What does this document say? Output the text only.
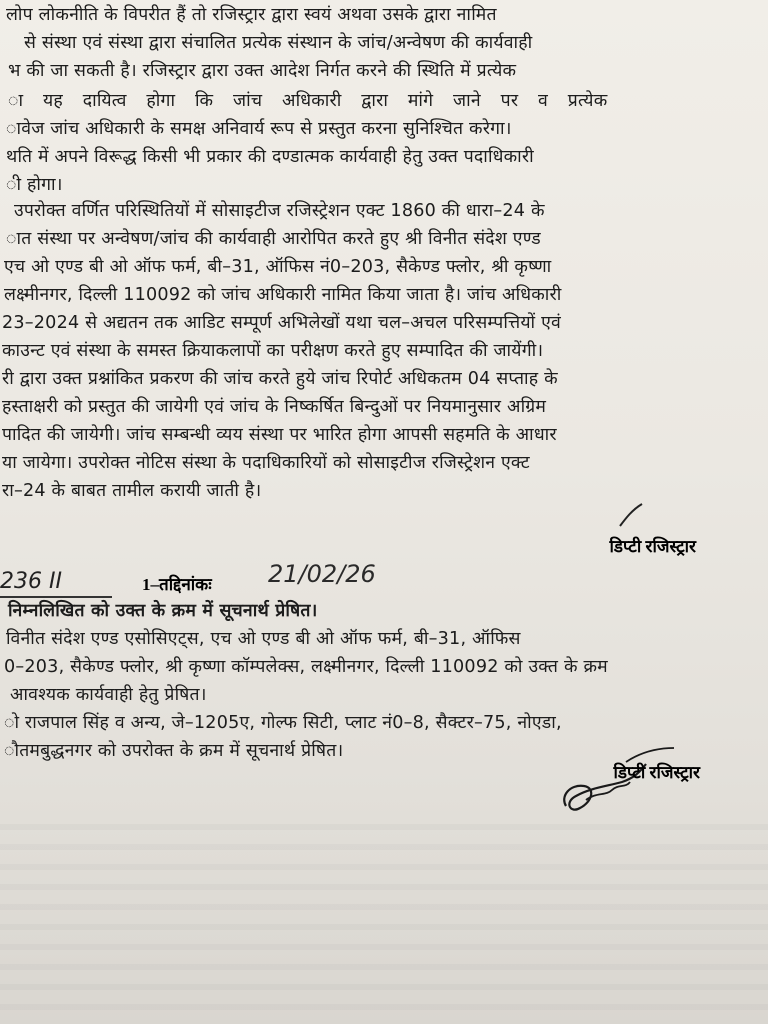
लोप लोकनीति के विपरीत हैं तो रजिस्ट्रार द्वारा स्वयं अथवा उसके द्वारा नामित
से संस्था एवं संस्था द्वारा संचालित प्रत्येक संस्थान के जांच/अन्वेषण की कार्यवाही
भ की जा सकती है। रजिस्ट्रार द्वारा उक्त आदेश निर्गत करने की स्थिति में प्रत्येक
ा यह दायित्व होगा कि जांच अधिकारी द्वारा मांगे जाने पर व प्रत्येक
ावेज जांच अधिकारी के समक्ष अनिवार्य रूप से प्रस्तुत करना सुनिश्चित करेगा।
थति में अपने विरूद्ध किसी भी प्रकार की दण्डात्मक कार्यवाही हेतु उक्त पदाधिकारी
ी होगा।
उपरोक्त वर्णित परिस्थितियों में सोसाइटीज रजिस्ट्रेशन एक्ट 1860 की धारा–24 के
ात संस्था पर अन्वेषण/जांच की कार्यवाही आरोपित करते हुए श्री विनीत संदेश एण्ड
एच ओ एण्ड बी ओ ऑफ फर्म, बी–31, ऑफिस नं0–203, सैकेण्ड फ्लोर, श्री कृष्णा
लक्ष्मीनगर, दिल्ली 110092 को जांच अधिकारी नामित किया जाता है। जांच अधिकारी
23–2024 से अद्यतन तक आडिट सम्पूर्ण अभिलेखों यथा चल–अचल परिसम्पत्तियों एवं
काउन्ट एवं संस्था के समस्त क्रियाकलापों का परीक्षण करते हुए सम्पादित की जायेंगी।
री द्वारा उक्त प्रश्नांकित प्रकरण की जांच करते हुये जांच रिपोर्ट अधिकतम 04 सप्ताह के
हस्ताक्षरी को प्रस्तुत की जायेगी एवं जांच के निष्कर्षित बिन्दुओं पर नियमानुसार अग्रिम
पादित की जायेगी। जांच सम्बन्धी व्यय संस्था पर भारित होगा आपसी सहमति के आधार
या जायेगा। उपरोक्त नोटिस संस्था के पदाधिकारियों को सोसाइटीज रजिस्ट्रेशन एक्ट
रा–24 के बाबत तामील करायी जाती है।
डिप्टी रजिस्ट्रार
236 II	1–तद्दिनांकः 21/02/26
निम्नलिखित को उक्त के क्रम में सूचनार्थ प्रेषित।
विनीत संदेश एण्ड एसोसिएट्स, एच ओ एण्ड बी ओ ऑफ फर्म, बी–31, ऑफिस
0–203, सैकेण्ड फ्लोर, श्री कृष्णा कॉम्पलेक्स, लक्ष्मीनगर, दिल्ली 110092 को उक्त के क्रम
आवश्यक कार्यवाही हेतु प्रेषित।
ो राजपाल सिंह व अन्य, जे–1205ए, गोल्फ सिटी, प्लाट नं0–8, सैक्टर–75, नोएडा,
ौतमबुद्धनगर को उपरोक्त के क्रम में सूचनार्थ प्रेषित।
डिप्टी रजिस्ट्रार
